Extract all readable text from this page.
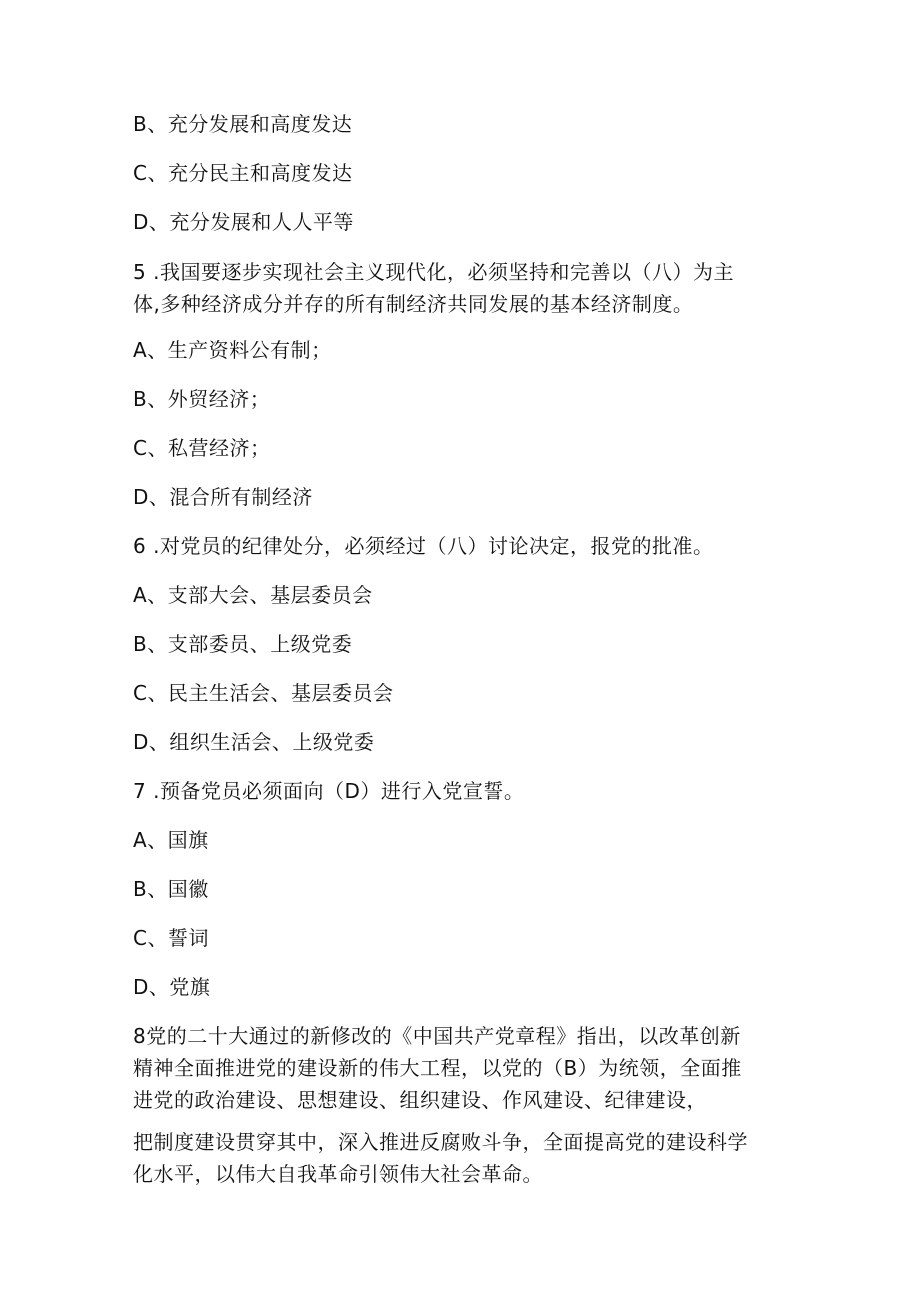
B、充分发展和高度发达
C、充分民主和高度发达
D、充分发展和人人平等
5 .我国要逐步实现社会主义现代化，必须坚持和完善以（八）为主
体,多种经济成分并存的所有制经济共同发展的基本经济制度。
A、生产资料公有制；
B、外贸经济；
C、私营经济；
D、混合所有制经济
6 .对党员的纪律处分，必须经过（八）讨论决定，报党的批准。
A、支部大会、基层委员会
B、支部委员、上级党委
C、民主生活会、基层委员会
D、组织生活会、上级党委
7 .预备党员必须面向（D）进行入党宣誓。
A、国旗
B、国徽
C、誓词
D、党旗
8党的二十大通过的新修改的《中国共产党章程》指出，以改革创新
精神全面推进党的建设新的伟大工程，以党的（B）为统领，全面推
进党的政治建设、思想建设、组织建设、作风建设、纪律建设，
把制度建设贯穿其中，深入推进反腐败斗争，全面提高党的建设科学
化水平，以伟大自我革命引领伟大社会革命。
